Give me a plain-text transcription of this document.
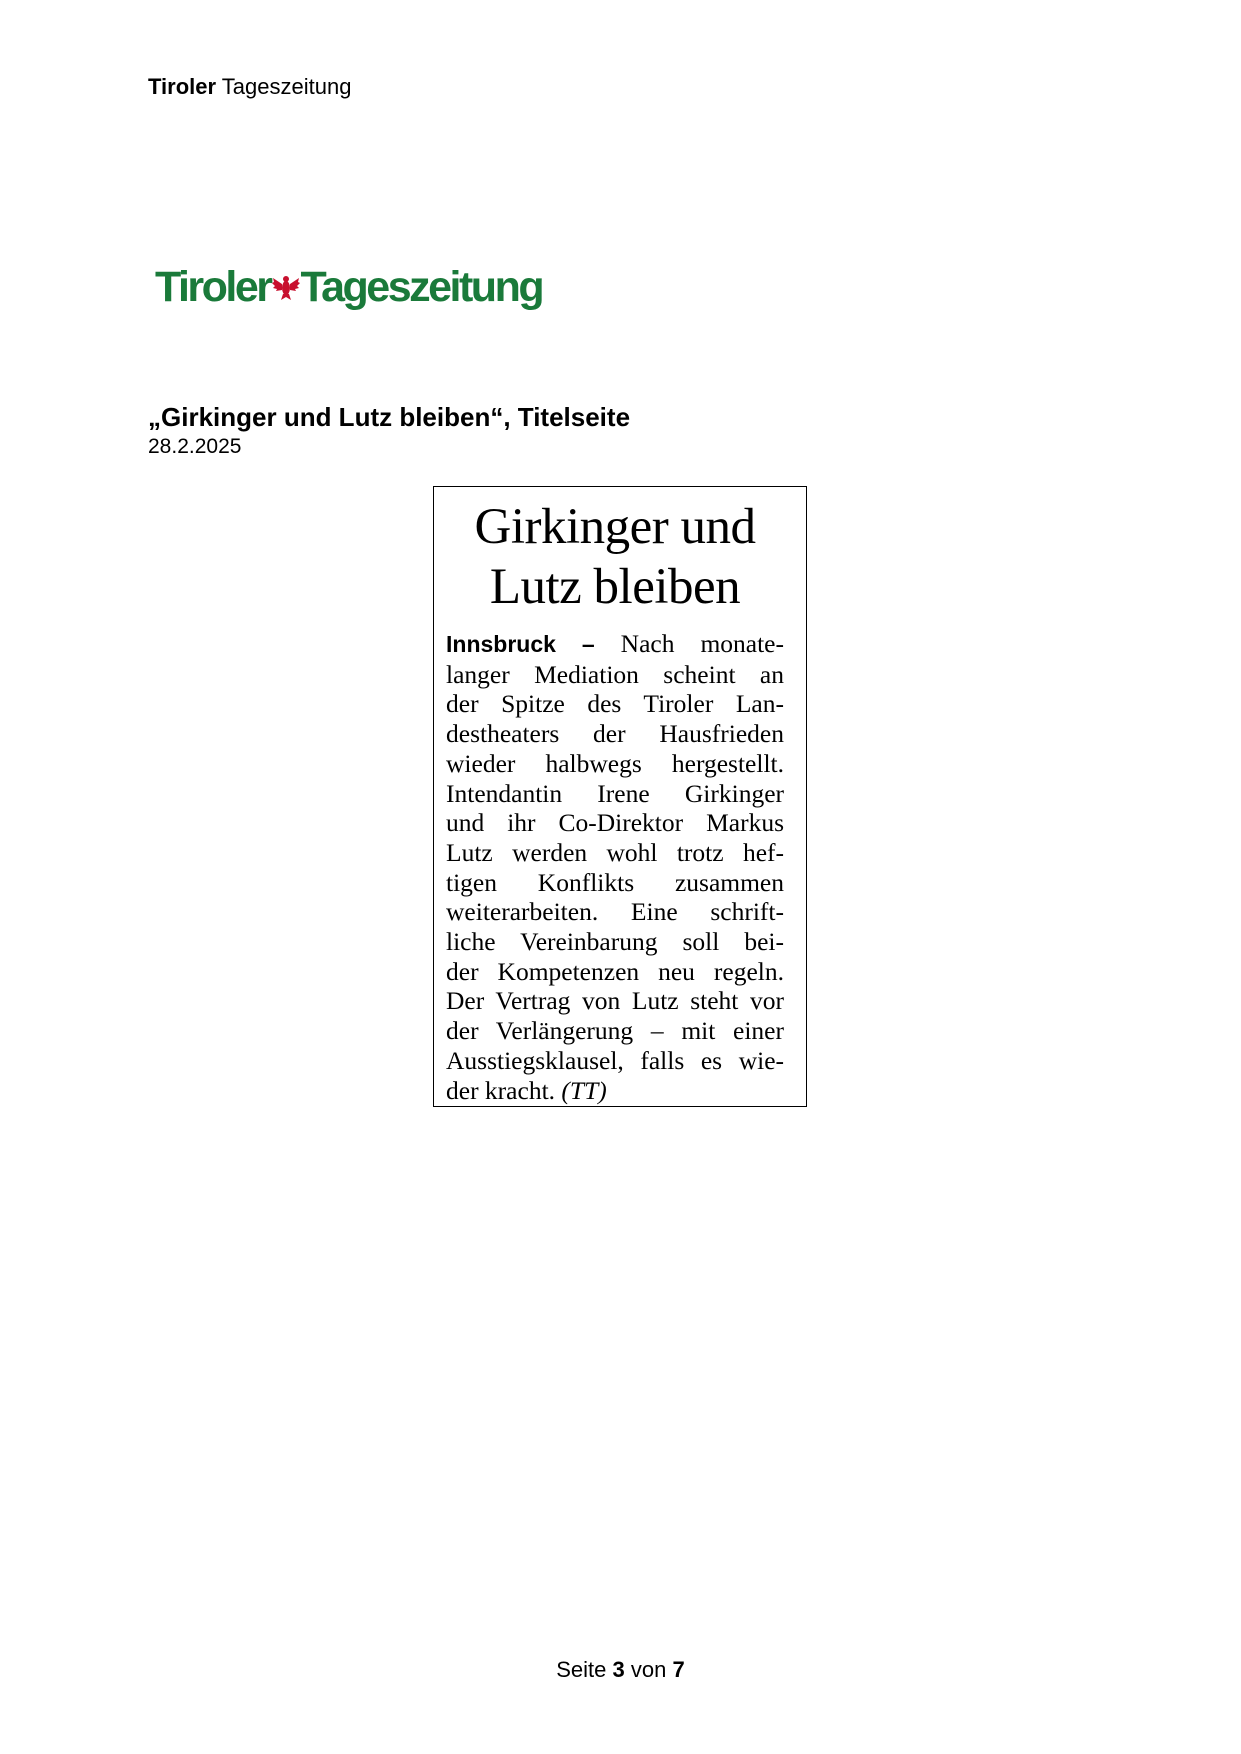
Tiroler Tageszeitung
Tiroler Tageszeitung
„Girkinger und Lutz bleiben“, Titelseite
28.2.2025
Girkinger und
Lutz bleiben
Innsbruck – Nach monate-
langer Mediation scheint an
der Spitze des Tiroler Lan-
destheaters der Hausfrieden
wieder halbwegs hergestellt.
Intendantin Irene Girkinger
und ihr Co-Direktor Markus
Lutz werden wohl trotz hef-
tigen Konflikts zusammen
weiterarbeiten. Eine schrift-
liche Vereinbarung soll bei-
der Kompetenzen neu regeln.
Der Vertrag von Lutz steht vor
der Verlängerung – mit einer
Ausstiegsklausel, falls es wie-
der kracht. (TT)
Seite 3 von 7
